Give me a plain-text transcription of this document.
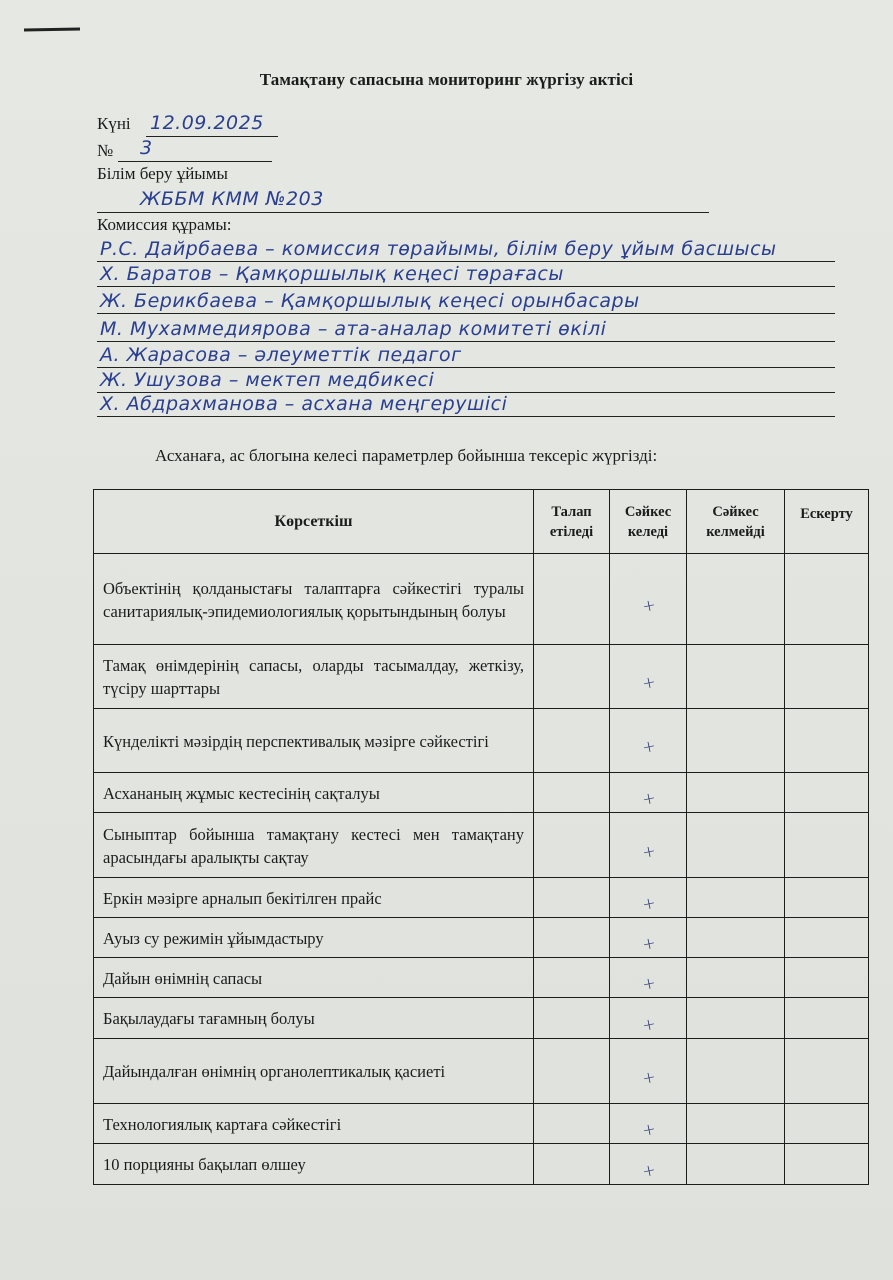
Тамақтану сапасына мониторинг жүргізу актісі
Күні 12.09.2025
№ 3
Білім беру ұйымы
ЖББМ КММ №203
Комиссия құрамы:
Р.С. Дайрбаева – комиссия төрайымы, білім беру ұйым басшысы
Х. Баратов – Қамқоршылық кеңесі төрағасы
Ж. Берикбаева – Қамқоршылық кеңесі орынбасары
М. Мухаммедиярова – ата-аналар комитеті өкілі
А. Жарасова – әлеуметтік педагог
Ж. Ушузова – мектеп медбикесі
Х. Абдрахманова – асхана меңгерушісі
Асханаға, ас блогына келесі параметрлер бойынша тексеріс жүргізді:
Көрсеткіш	Талап етіледі	Сәйкес келеді	Сәйкес келмейді	Ескерту
Объектінің қолданыстағы талаптарға сәйкестігі туралы санитариялық-эпидемиологиялық қорытындының болуы		+		
Тамақ өнімдерінің сапасы, оларды тасымалдау, жеткізу, түсіру шарттары		+		
Күнделікті мәзірдің перспективалық мәзірге сәйкестігі		+		
Асхананың жұмыс кестесінің сақталуы		+		
Сыныптар бойынша тамақтану кестесі мен тамақтану арасындағы аралықты сақтау		+		
Еркін мәзірге арналып бекітілген прайс		+		
Ауыз су режимін ұйымдастыру		+		
Дайын өнімнің сапасы		+		
Бақылаудағы тағамның болуы		+		
Дайындалған өнімнің органолептикалық қасиеті		+		
Технологиялық картаға сәйкестігі		+		
10 порцияны бақылап өлшеу		+		
